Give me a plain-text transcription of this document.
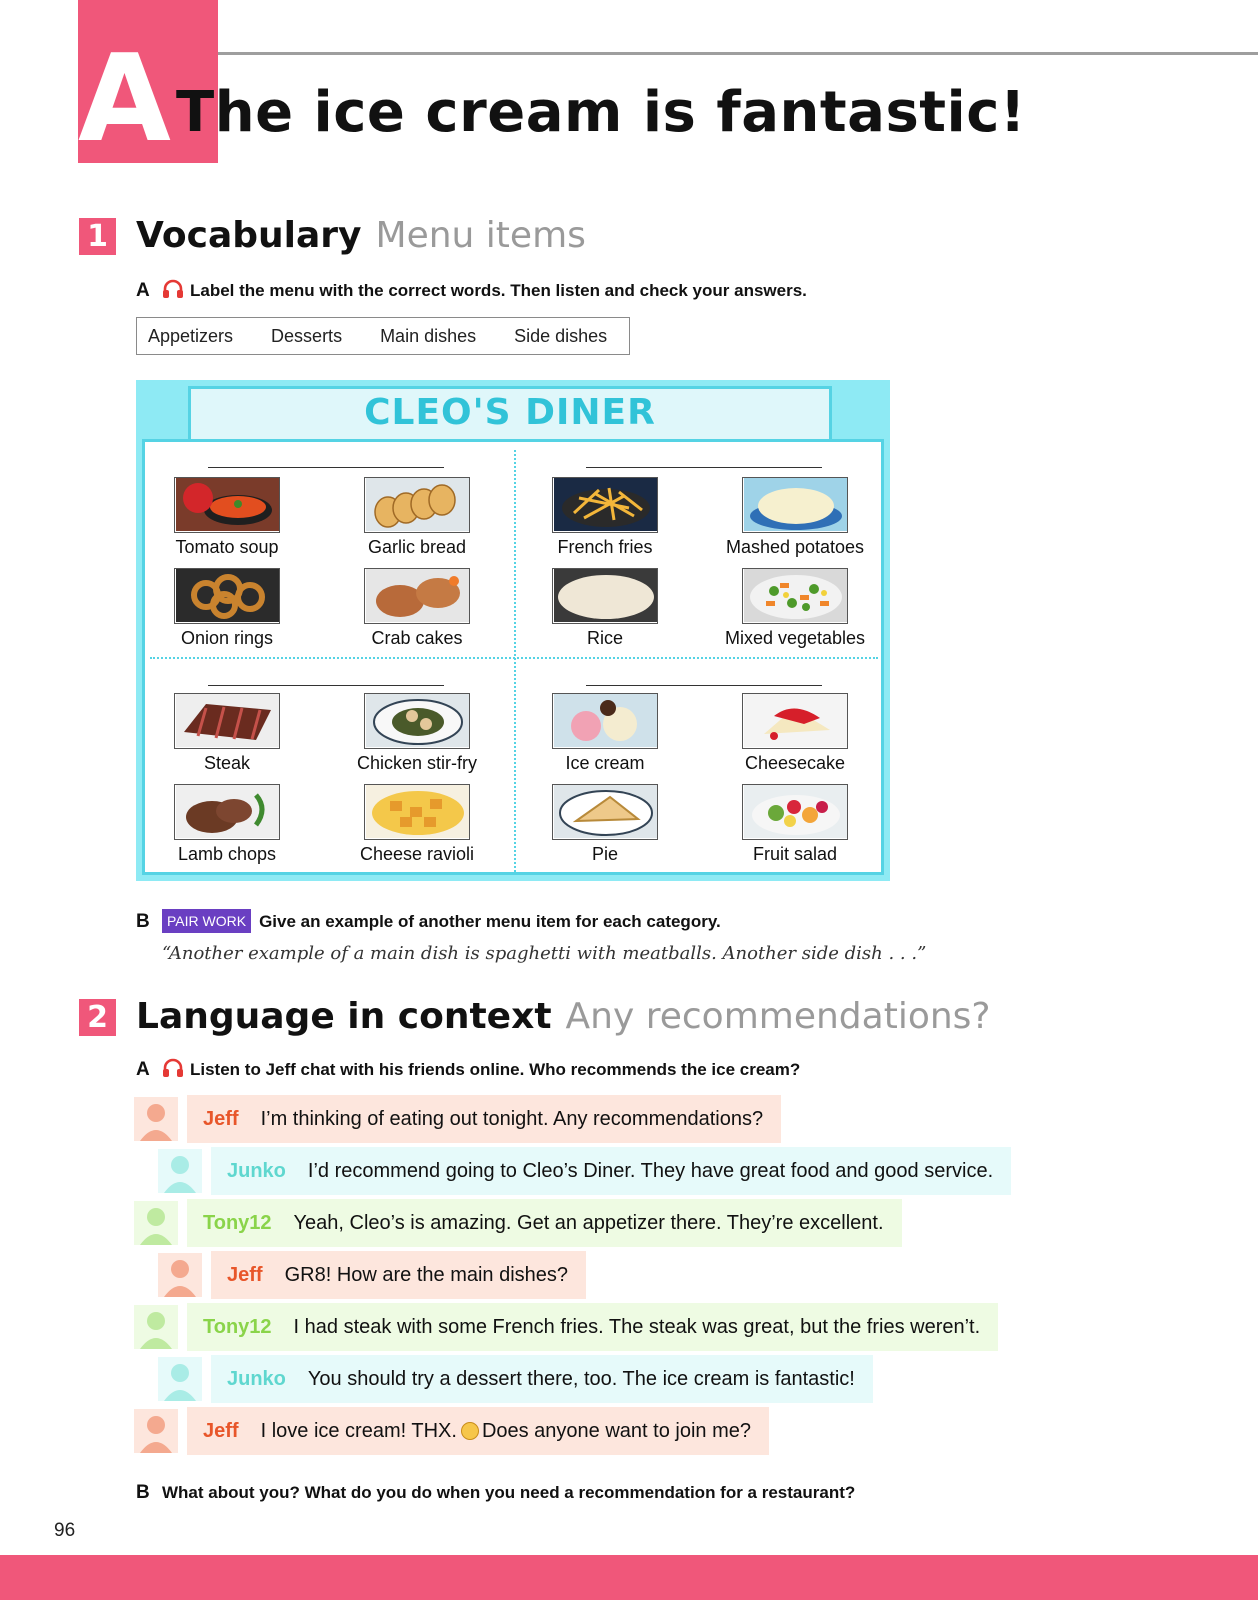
A The ice cream is fantastic!
1 Vocabulary Menu items
A Label the menu with the correct words. Then listen and check your answers.
Appetizers Desserts Main dishes Side dishes
CLEO'S DINER
Tomato soup	Garlic bread	French fries	Mashed potatoes
Onion rings	Crab cakes	Rice	Mixed vegetables
Steak	Chicken stir-fry	Ice cream	Cheesecake
Lamb chops	Cheese ravioli	Pie	Fruit salad
B PAIR WORK Give an example of another menu item for each category.
“Another example of a main dish is spaghetti with meatballs. Another side dish . . .”
2 Language in context Any recommendations?
A Listen to Jeff chat with his friends online. Who recommends the ice cream?
Jeff I’m thinking of eating out tonight. Any recommendations?
Junko I’d recommend going to Cleo’s Diner. They have great food and good service.
Tony12 Yeah, Cleo’s is amazing. Get an appetizer there. They’re excellent.
Jeff GR8! How are the main dishes?
Tony12 I had steak with some French fries. The steak was great, but the fries weren’t.
Junko You should try a dessert there, too. The ice cream is fantastic!
Jeff I love ice cream! THX. Does anyone want to join me?
B What about you? What do you do when you need a recommendation for a restaurant?
96
